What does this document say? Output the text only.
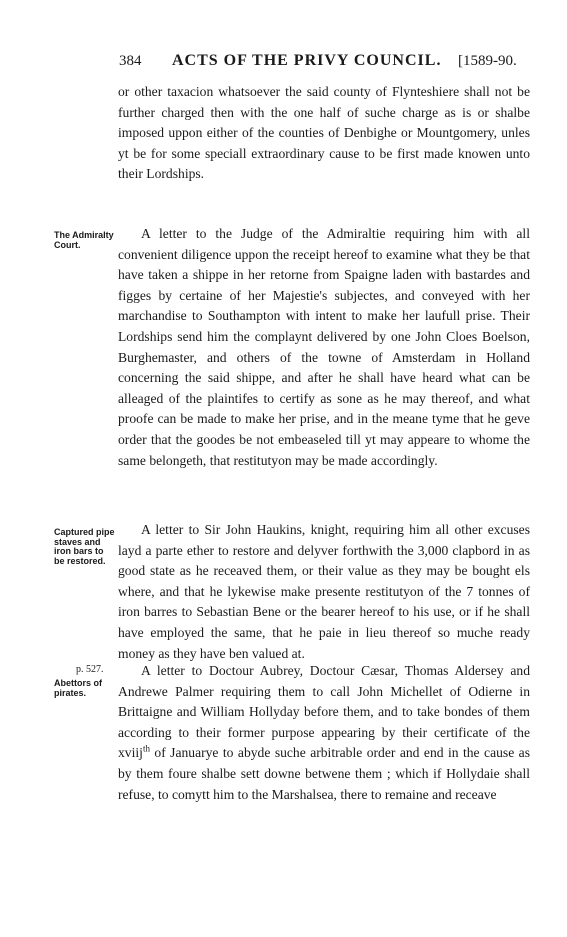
384 ACTS OF THE PRIVY COUNCIL. [1589-90.

or other taxacion whatsoever the said county of Flynteshiere shall not be further charged then with the one half of suche charge as is or shalbe imposed uppon either of the counties of Denbighe or Mountgomery, unles yt be for some speciall extraordinary cause to be first made knowen unto their Lordships.

The Admiralty Court.

A letter to the Judge of the Admiraltie requiring him with all convenient diligence uppon the receipt hereof to examine what they be that have taken a shippe in her retorne from Spaigne laden with bastardes and figges by certaine of her Majestie's subjectes, and conveyed with her marchandise to Southampton with intent to make her laufull prise. Their Lordships send him the complaynt delivered by one John Cloes Boelson, Burghemaster, and others of the towne of Amsterdam in Holland concerning the said shippe, and after he shall have heard what can be alleaged of the plaintifes to certify as sone as he may thereof, and what proofe can be made to make her prise, and in the meane tyme that he geve order that the goodes be not embeaseled till yt may appeare to whome the same belongeth, that restitutyon may be made accordingly.

Captured pipe staves and iron bars to be restored.

A letter to Sir John Haukins, knight, requiring him all other excuses layd a parte ether to restore and delyver forthwith the 3,000 clapbord in as good state as he receaved them, or their value as they may be bought els where, and that he lykewise make presente restitutyon of the 7 tonnes of iron barres to Sebastian Bene or the bearer hereof to his use, or if he shall have employed the same, that he paie in lieu thereof so muche ready money as they have ben valued at.

p. 527.
Abettors of pirates.

A letter to Doctour Aubrey, Doctour Cæsar, Thomas Aldersey and Andrewe Palmer requiring them to call John Michellet of Odierne in Brittaigne and William Hollyday before them, and to take bondes of them according to their former purpose appearing by their certificate of the xviij$^{th}$ of Januarye to abyde suche arbitrable order and end in the cause as by them foure shalbe sett downe betwene them ; which if Hollydaie shall refuse, to comytt him to the Marshalsea, there to remaine and receave
